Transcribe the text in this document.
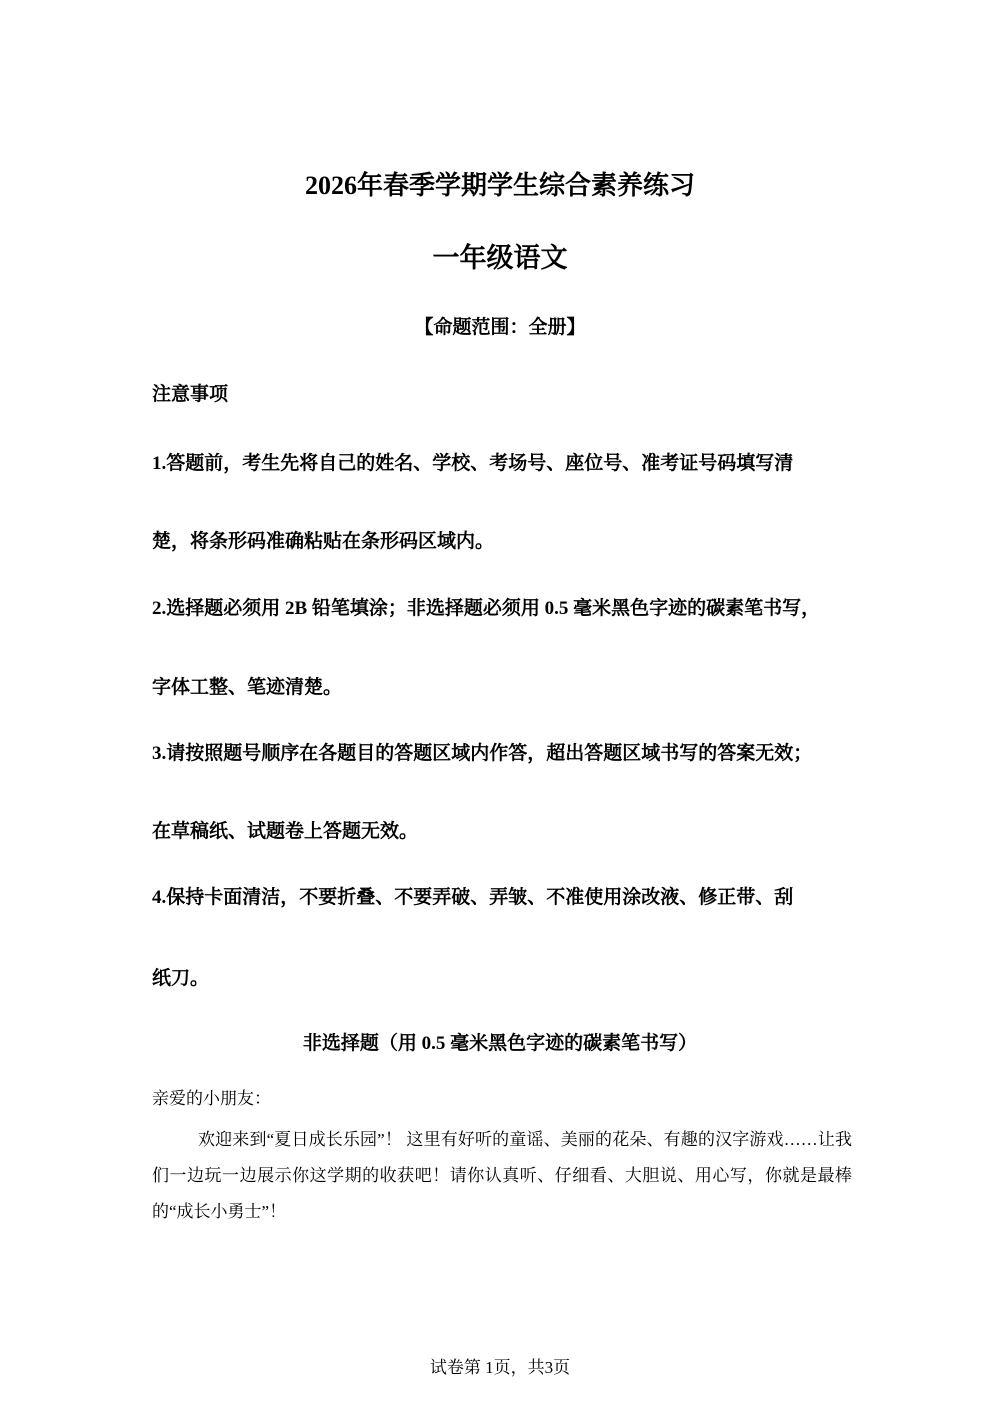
2026年春季学期学生综合素养练习
一年级语文
【命题范围：全册】
注意事项
1.答题前，考生先将自己的姓名、学校、考场号、座位号、准考证号码填写清
楚，将条形码准确粘贴在条形码区域内。
2.选择题必须用 2B 铅笔填涂；非选择题必须用 0.5 毫米黑色字迹的碳素笔书写，
字体工整、笔迹清楚。
3.请按照题号顺序在各题目的答题区域内作答，超出答题区域书写的答案无效；
在草稿纸、试题卷上答题无效。
4.保持卡面清洁，不要折叠、不要弄破、弄皱、不准使用涂改液、修正带、刮
纸刀。
非选择题（用 0.5 毫米黑色字迹的碳素笔书写）
亲爱的小朋友：
欢迎来到“夏日成长乐园”！ 这里有好听的童谣、美丽的花朵、有趣的汉字游戏……让我们一边玩一边展示你这学期的收获吧！请你认真听、仔细看、大胆说、用心写，你就是最棒的“成长小勇士”！
试卷第 1页，共3页
